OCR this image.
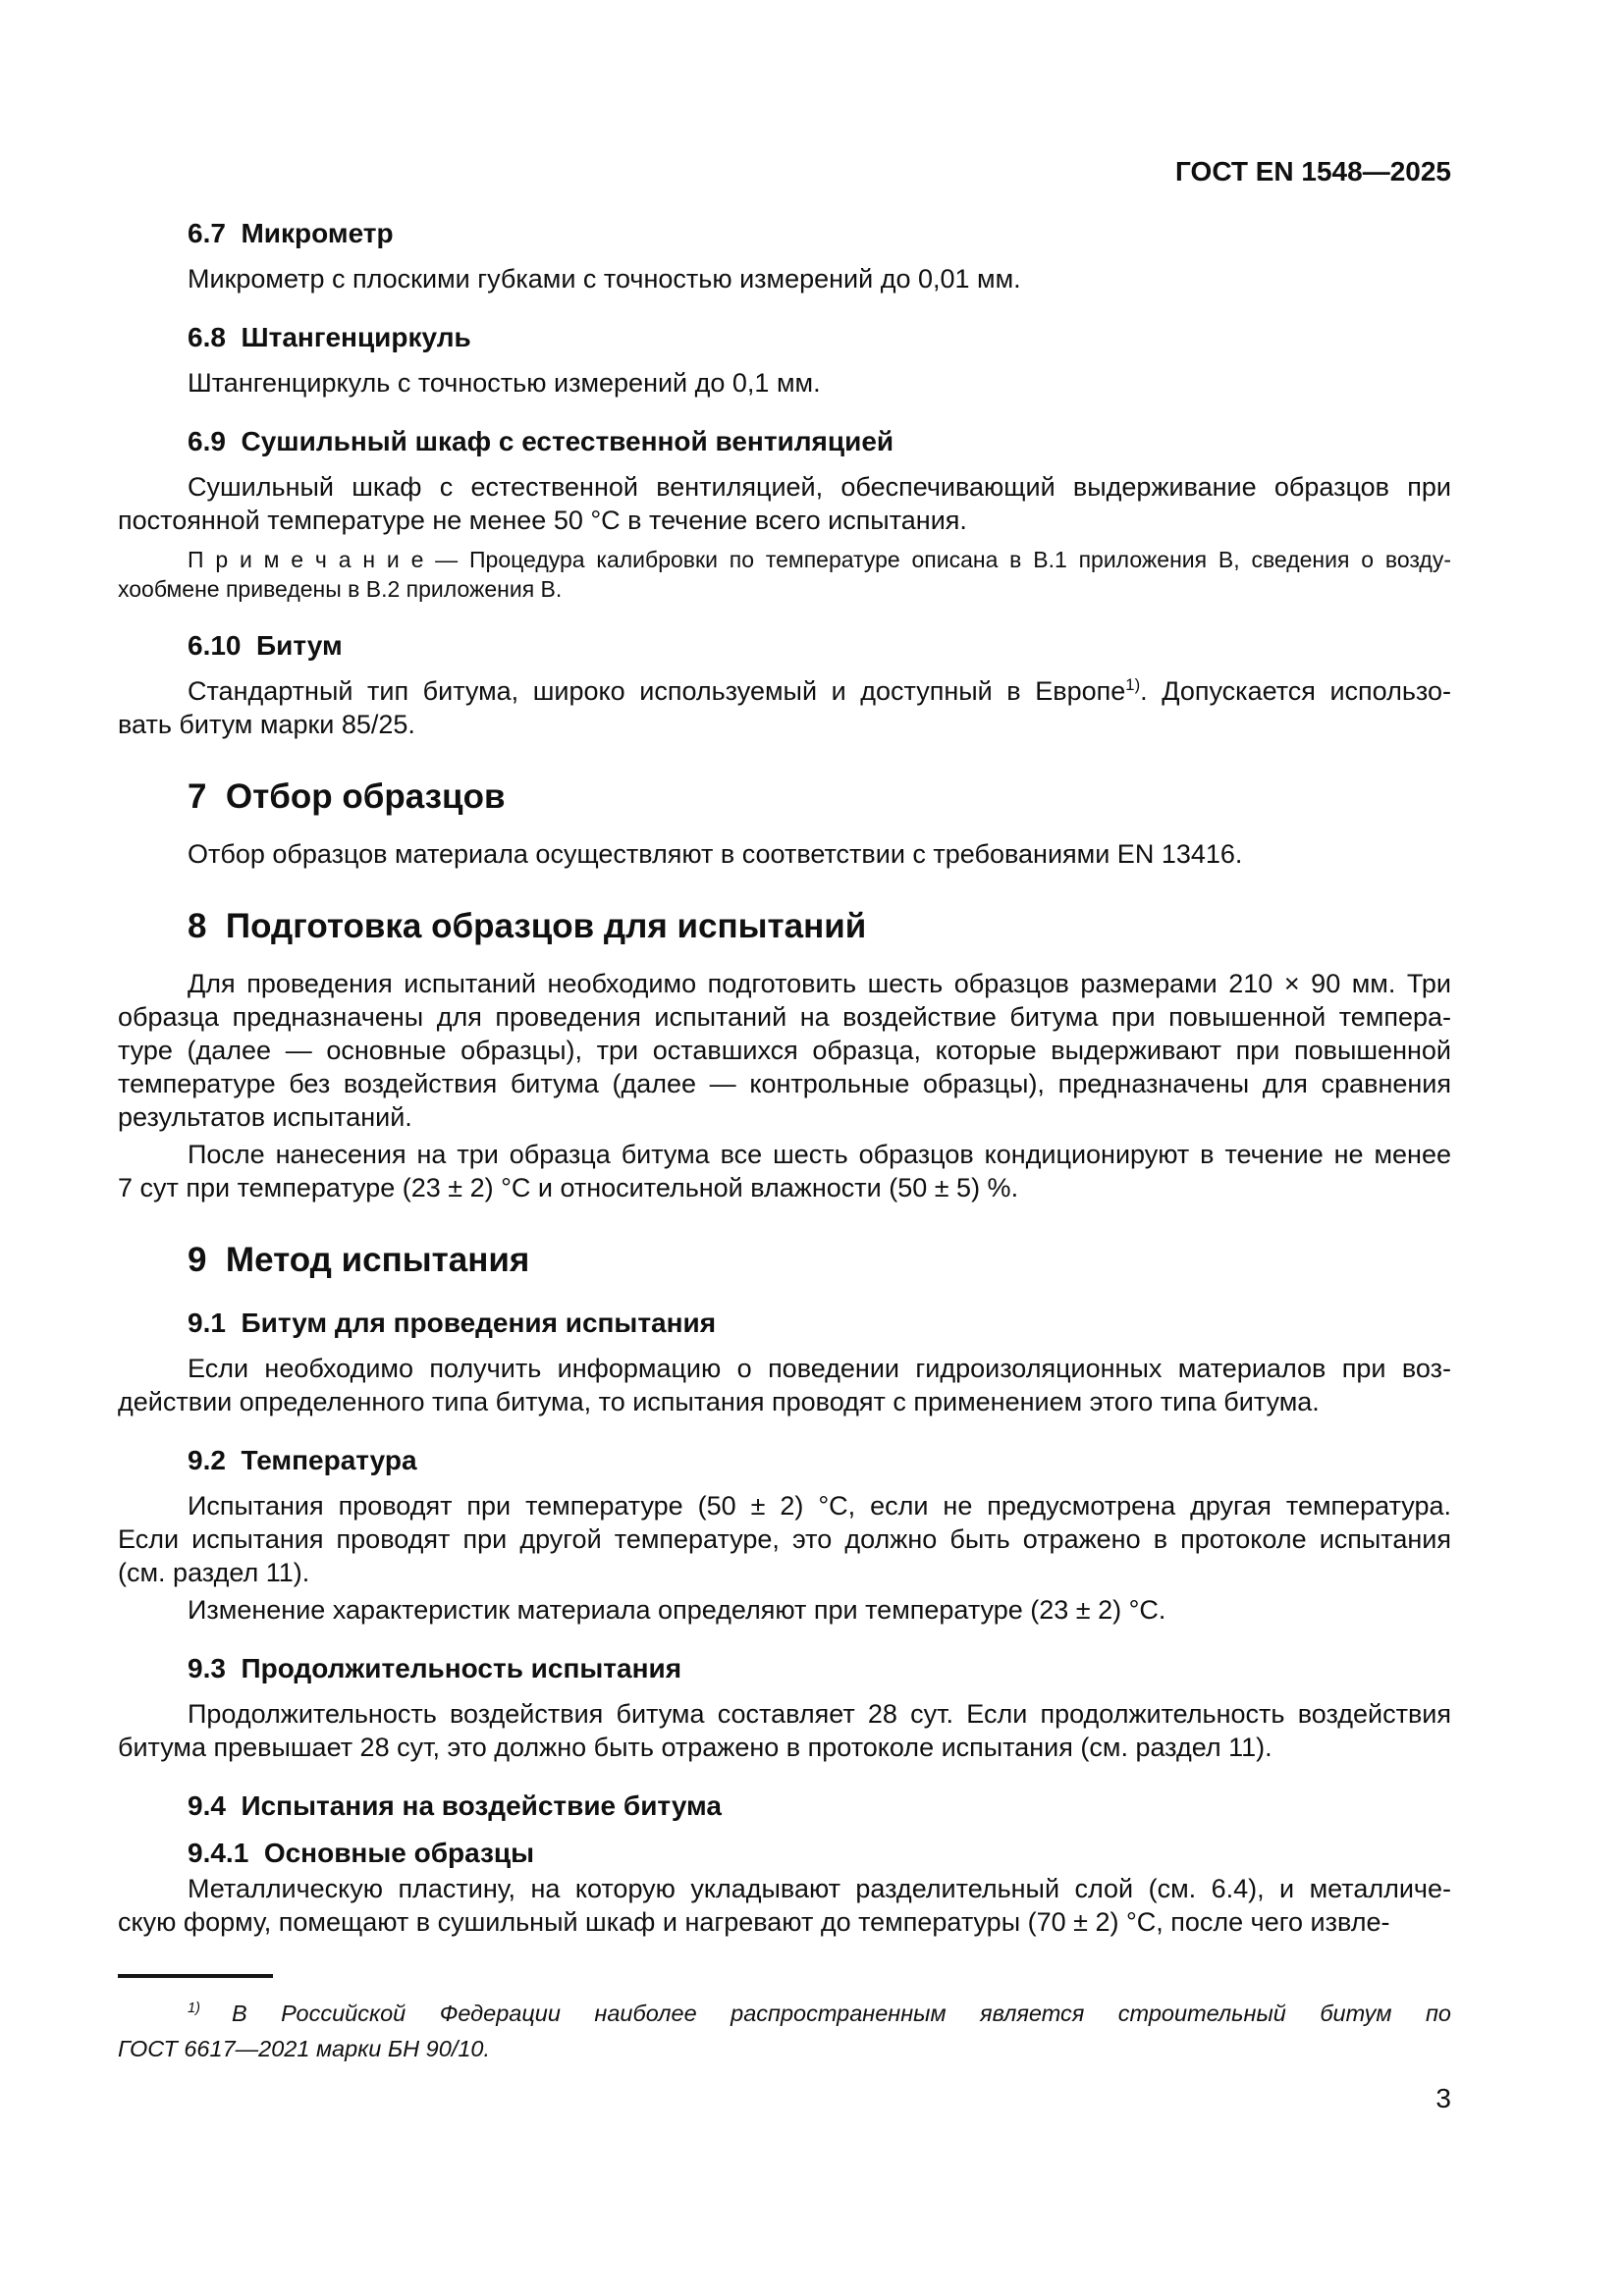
ГОСТ EN 1548—2025
6.7  Микрометр
Микрометр с плоскими губками с точностью измерений до 0,01 мм.
6.8  Штангенциркуль
Штангенциркуль с точностью измерений до 0,1 мм.
6.9  Сушильный шкаф с естественной вентиляцией
Сушильный шкаф с естественной вентиляцией, обеспечивающий выдерживание образцов при
постоянной температуре не менее 50 °С в течение всего испытания.
П р и м е ч а н и е — Процедура калибровки по температуре описана в В.1 приложения В, сведения о возду-
хообмене приведены в В.2 приложения В.
6.10  Битум
Стандартный тип битума, широко используемый и доступный в Европе$^{1)}$. Допускается использо-
вать битум марки 85/25.
7  Отбор образцов
Отбор образцов материала осуществляют в соответствии с требованиями EN 13416.
8  Подготовка образцов для испытаний
Для проведения испытаний необходимо подготовить шесть образцов размерами 210 × 90 мм. Три
образца предназначены для проведения испытаний на воздействие битума при повышенной темпера-
туре (далее — основные образцы), три оставшихся образца, которые выдерживают при повышенной
температуре без воздействия битума (далее — контрольные образцы), предназначены для сравнения
результатов испытаний.
После нанесения на три образца битума все шесть образцов кондиционируют в течение не менее
7 сут при температуре (23 ± 2) °С и относительной влажности (50 ± 5) %.
9  Метод испытания
9.1  Битум для проведения испытания
Если необходимо получить информацию о поведении гидроизоляционных материалов при воз-
действии определенного типа битума, то испытания проводят с применением этого типа битума.
9.2  Температура
Испытания проводят при температуре (50 ± 2) °С, если не предусмотрена другая температура.
Если испытания проводят при другой температуре, это должно быть отражено в протоколе испытания
(см. раздел 11).
Изменение характеристик материала определяют при температуре (23 ± 2) °С.
9.3  Продолжительность испытания
Продолжительность воздействия битума составляет 28 сут. Если продолжительность воздействия
битума превышает 28 сут, это должно быть отражено в протоколе испытания (см. раздел 11).
9.4  Испытания на воздействие битума
9.4.1  Основные образцы
Металлическую пластину, на которую укладывают разделительный слой (см. 6.4), и металличе-
скую форму, помещают в сушильный шкаф и нагревают до температуры (70 ± 2) °С, после чего извле-
$^{1)}$ В Российской Федерации наиболее распространенным является строительный битум по
ГОСТ 6617—2021 марки БН 90/10.
3
